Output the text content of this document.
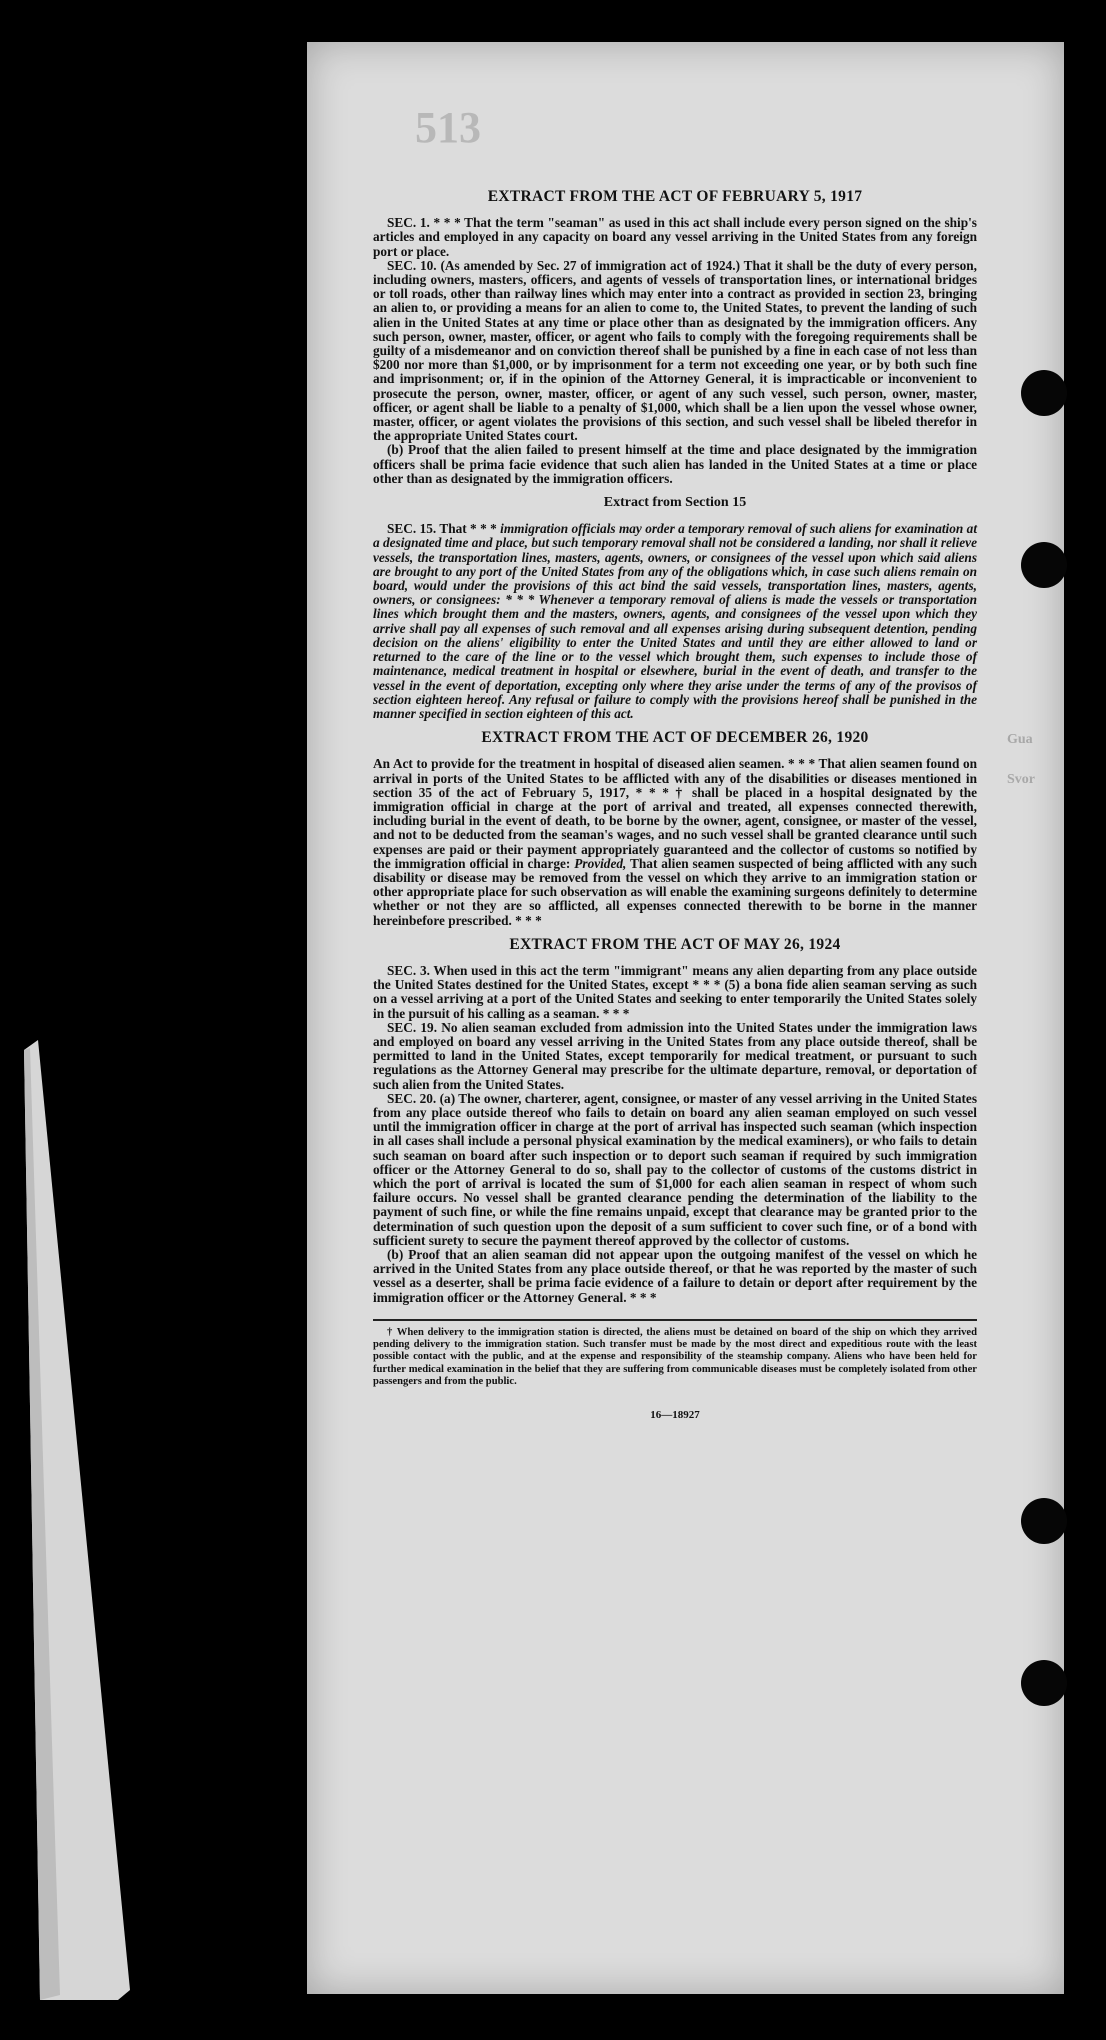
513
Gua
Svor
EXTRACT FROM THE ACT OF FEBRUARY 5, 1917

SEC. 1. * * * That the term "seaman" as used in this act shall include every person signed on the ship's articles and employed in any capacity on board any vessel arriving in the United States from any foreign port or place.

SEC. 10. (As amended by Sec. 27 of immigration act of 1924.) That it shall be the duty of every person, including owners, masters, officers, and agents of vessels of transportation lines, or international bridges or toll roads, other than railway lines which may enter into a contract as provided in section 23, bringing an alien to, or providing a means for an alien to come to, the United States, to prevent the landing of such alien in the United States at any time or place other than as designated by the immigration officers. Any such person, owner, master, officer, or agent who fails to comply with the foregoing requirements shall be guilty of a misdemeanor and on conviction thereof shall be punished by a fine in each case of not less than $200 nor more than $1,000, or by imprisonment for a term not exceeding one year, or by both such fine and imprisonment; or, if in the opinion of the Attorney General, it is impracticable or inconvenient to prosecute the person, owner, master, officer, or agent of any such vessel, such person, owner, master, officer, or agent shall be liable to a penalty of $1,000, which shall be a lien upon the vessel whose owner, master, officer, or agent violates the provisions of this section, and such vessel shall be libeled therefor in the appropriate United States court.

(b) Proof that the alien failed to present himself at the time and place designated by the immigration officers shall be prima facie evidence that such alien has landed in the United States at a time or place other than as designated by the immigration officers.

Extract from Section 15

SEC. 15. That * * * immigration officials may order a temporary removal of such aliens for examination at a designated time and place, but such temporary removal shall not be considered a landing, nor shall it relieve vessels, the transportation lines, masters, agents, owners, or consignees of the vessel upon which said aliens are brought to any port of the United States from any of the obligations which, in case such aliens remain on board, would under the provisions of this act bind the said vessels, transportation lines, masters, agents, owners, or consignees: * * * Whenever a temporary removal of aliens is made the vessels or transportation lines which brought them and the masters, owners, agents, and consignees of the vessel upon which they arrive shall pay all expenses of such removal and all expenses arising during subsequent detention, pending decision on the aliens' eligibility to enter the United States and until they are either allowed to land or returned to the care of the line or to the vessel which brought them, such expenses to include those of maintenance, medical treatment in hospital or elsewhere, burial in the event of death, and transfer to the vessel in the event of deportation, excepting only where they arise under the terms of any of the provisos of section eighteen hereof. Any refusal or failure to comply with the provisions hereof shall be punished in the manner specified in section eighteen of this act.

EXTRACT FROM THE ACT OF DECEMBER 26, 1920

An Act to provide for the treatment in hospital of diseased alien seamen. * * * That alien seamen found on arrival in ports of the United States to be afflicted with any of the disabilities or diseases mentioned in section 35 of the act of February 5, 1917, * * * † shall be placed in a hospital designated by the immigration official in charge at the port of arrival and treated, all expenses connected therewith, including burial in the event of death, to be borne by the owner, agent, consignee, or master of the vessel, and not to be deducted from the seaman's wages, and no such vessel shall be granted clearance until such expenses are paid or their payment appropriately guaranteed and the collector of customs so notified by the immigration official in charge: Provided, That alien seamen suspected of being afflicted with any such disability or disease may be removed from the vessel on which they arrive to an immigration station or other appropriate place for such observation as will enable the examining surgeons definitely to determine whether or not they are so afflicted, all expenses connected therewith to be borne in the manner hereinbefore prescribed. * * *

EXTRACT FROM THE ACT OF MAY 26, 1924

SEC. 3. When used in this act the term "immigrant" means any alien departing from any place outside the United States destined for the United States, except * * * (5) a bona fide alien seaman serving as such on a vessel arriving at a port of the United States and seeking to enter temporarily the United States solely in the pursuit of his calling as a seaman. * * *

SEC. 19. No alien seaman excluded from admission into the United States under the immigration laws and employed on board any vessel arriving in the United States from any place outside thereof, shall be permitted to land in the United States, except temporarily for medical treatment, or pursuant to such regulations as the Attorney General may prescribe for the ultimate departure, removal, or deportation of such alien from the United States.

SEC. 20. (a) The owner, charterer, agent, consignee, or master of any vessel arriving in the United States from any place outside thereof who fails to detain on board any alien seaman employed on such vessel until the immigration officer in charge at the port of arrival has inspected such seaman (which inspection in all cases shall include a personal physical examination by the medical examiners), or who fails to detain such seaman on board after such inspection or to deport such seaman if required by such immigration officer or the Attorney General to do so, shall pay to the collector of customs of the customs district in which the port of arrival is located the sum of $1,000 for each alien seaman in respect of whom such failure occurs. No vessel shall be granted clearance pending the determination of the liability to the payment of such fine, or while the fine remains unpaid, except that clearance may be granted prior to the determination of such question upon the deposit of a sum sufficient to cover such fine, or of a bond with sufficient surety to secure the payment thereof approved by the collector of customs.

(b) Proof that an alien seaman did not appear upon the outgoing manifest of the vessel on which he arrived in the United States from any place outside thereof, or that he was reported by the master of such vessel as a deserter, shall be prima facie evidence of a failure to detain or deport after requirement by the immigration officer or the Attorney General. * * *

† When delivery to the immigration station is directed, the aliens must be detained on board of the ship on which they arrived pending delivery to the immigration station. Such transfer must be made by the most direct and expeditious route with the least possible contact with the public, and at the expense and responsibility of the steamship company. Aliens who have been held for further medical examination in the belief that they are suffering from communicable diseases must be completely isolated from other passengers and from the public.

16—18927
